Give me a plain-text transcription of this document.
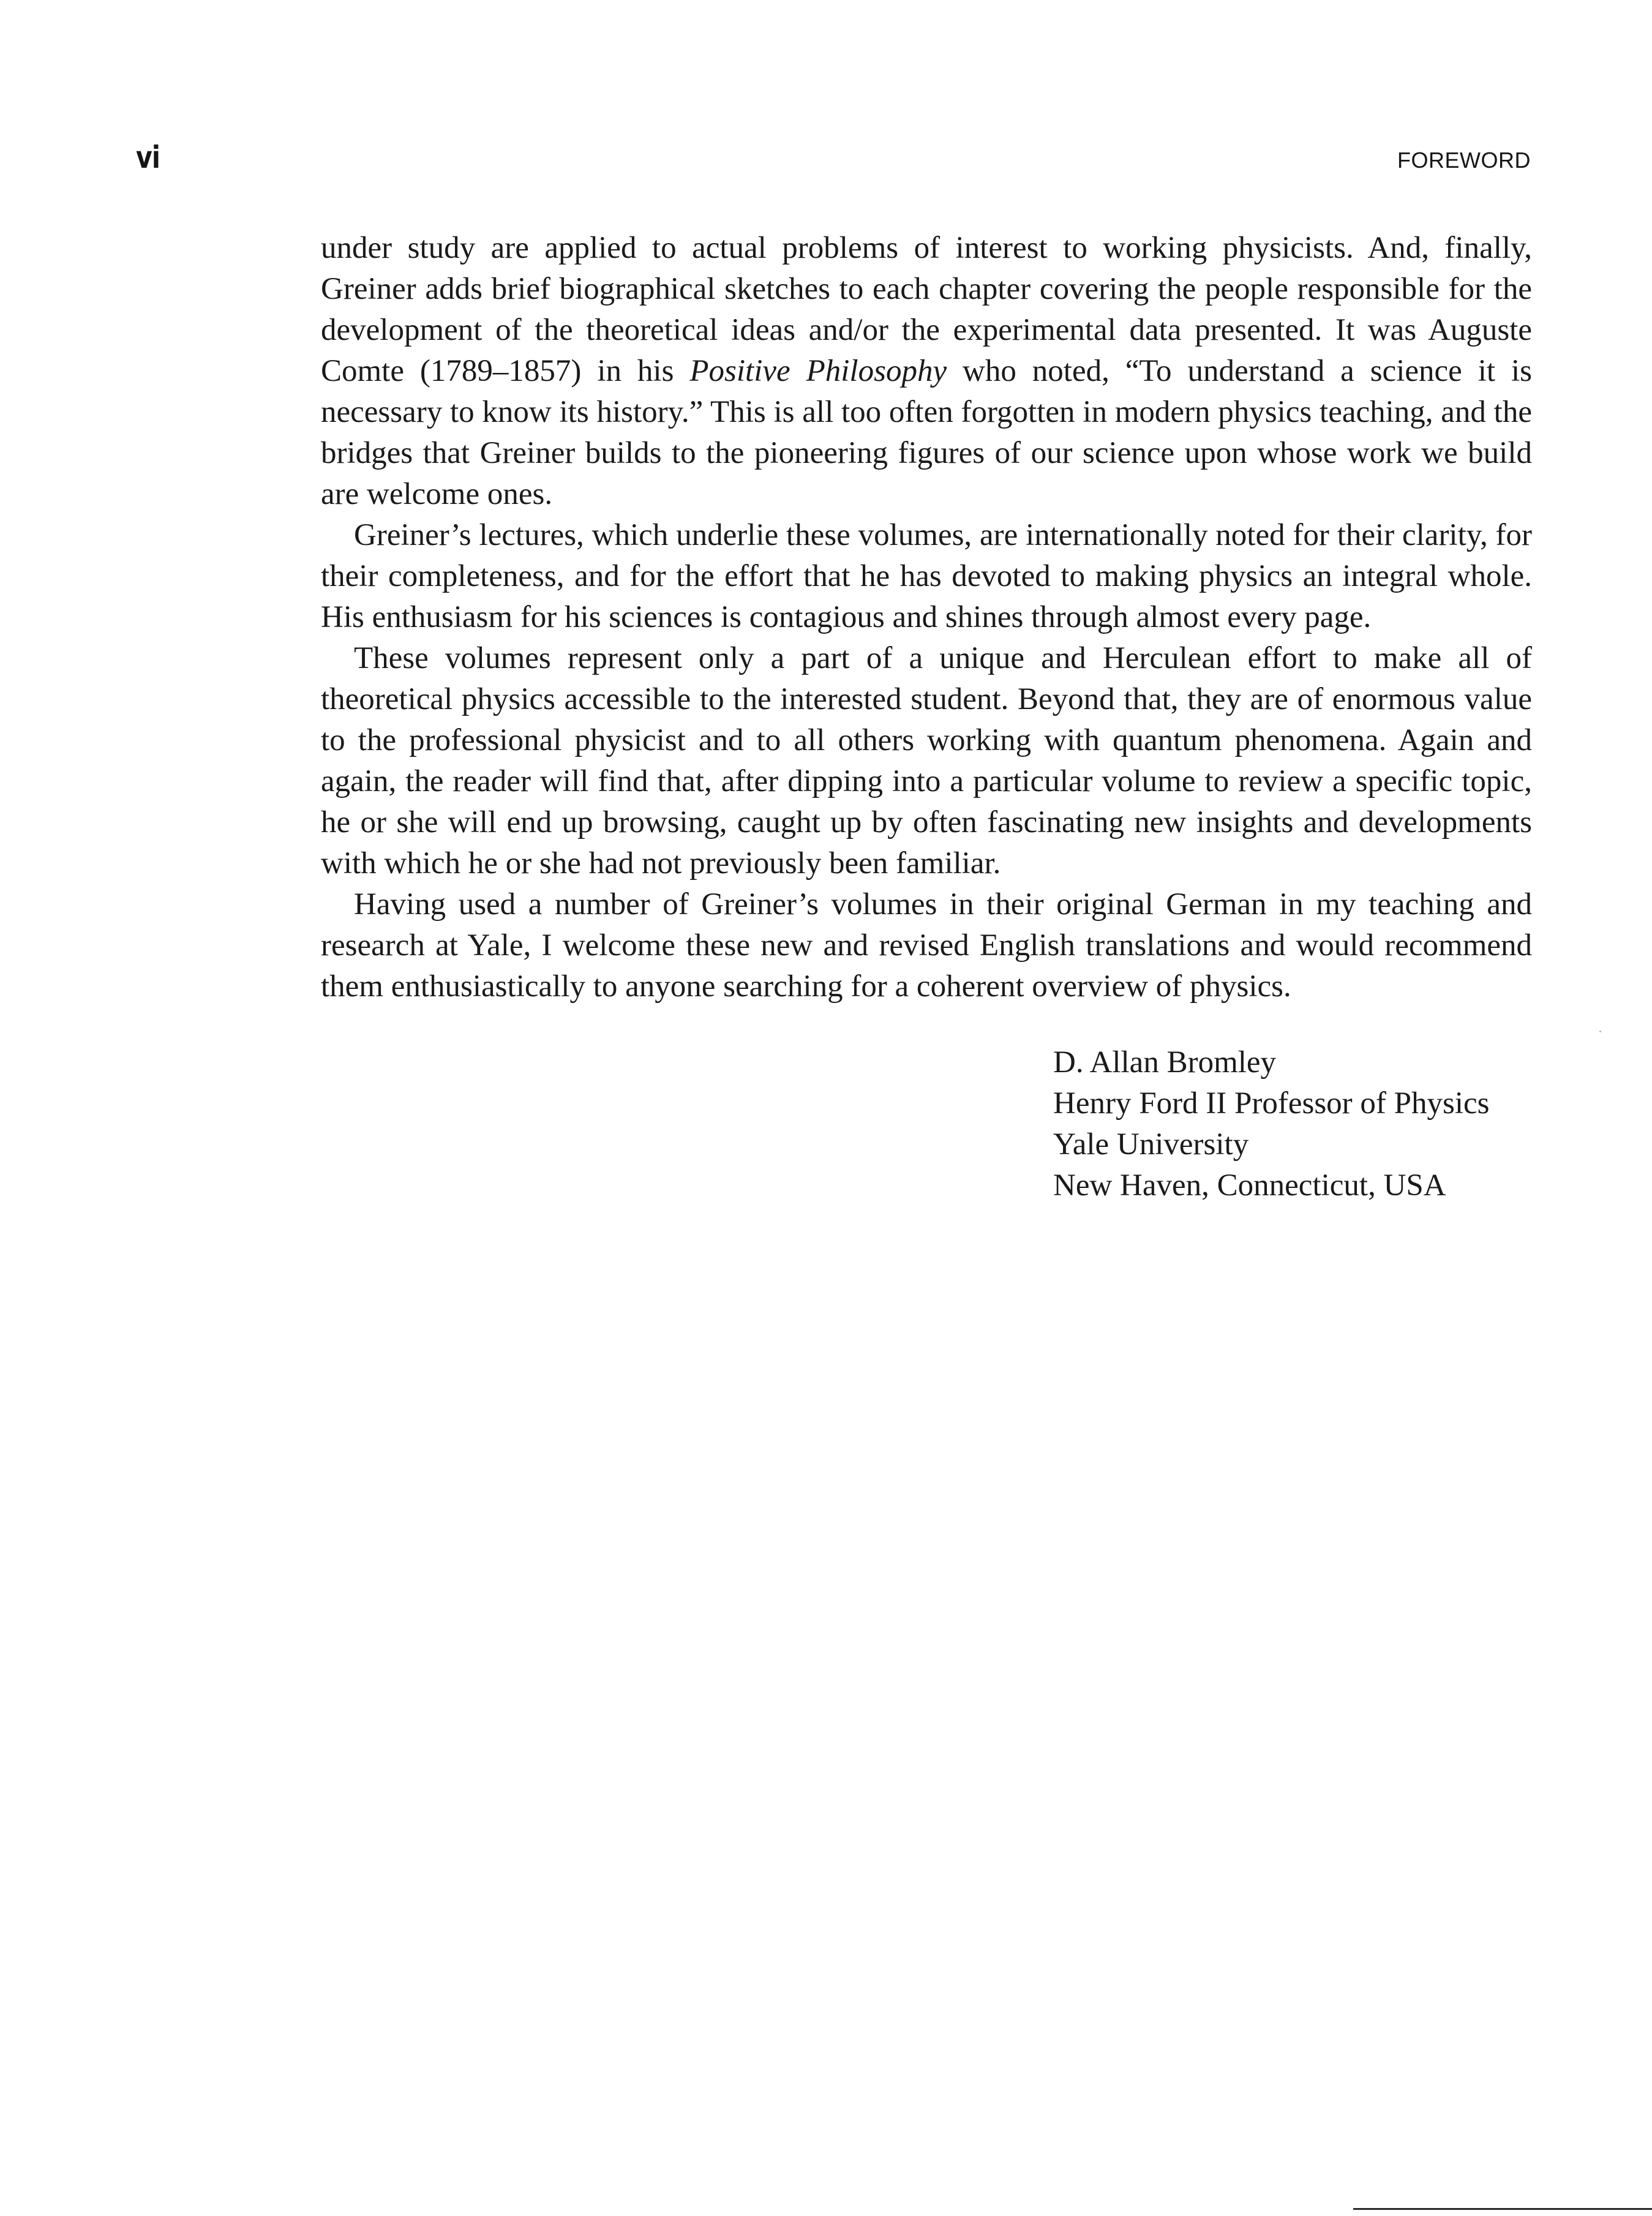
vi	FOREWORD

under study are applied to actual problems of interest to working physicists. And, finally, Greiner adds brief biographical sketches to each chapter covering the people responsible for the development of the theoretical ideas and/or the experimental data presented. It was Auguste Comte (1789–1857) in his Positive Philosophy who noted, “To understand a science it is necessary to know its history.” This is all too often forgotten in modern physics teaching, and the bridges that Greiner builds to the pioneering figures of our science upon whose work we build are welcome ones.

Greiner’s lectures, which underlie these volumes, are internationally noted for their clarity, for their completeness, and for the effort that he has devoted to making physics an integral whole. His enthusiasm for his sciences is contagious and shines through almost every page.

These volumes represent only a part of a unique and Herculean effort to make all of theoretical physics accessible to the interested student. Beyond that, they are of enormous value to the professional physicist and to all others working with quantum phenomena. Again and again, the reader will find that, after dipping into a particular volume to review a specific topic, he or she will end up browsing, caught up by often fascinating new insights and developments with which he or she had not previously been familiar.

Having used a number of Greiner’s volumes in their original German in my teaching and research at Yale, I welcome these new and revised English translations and would recommend them enthusiastically to anyone searching for a coherent overview of physics.

D. Allan Bromley
Henry Ford II Professor of Physics
Yale University
New Haven, Connecticut, USA
